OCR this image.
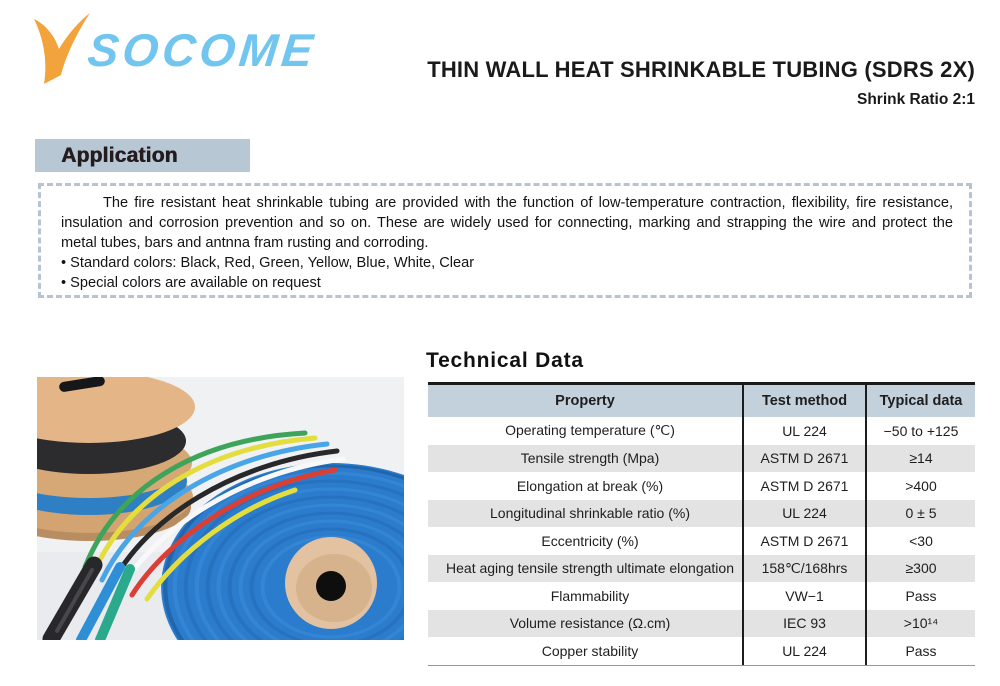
SOCOME	THIN WALL HEAT SHRINKABLE TUBING (SDRS 2X)
Shrink Ratio 2:1
Application
The fire resistant heat shrinkable tubing are provided with the function of low-temperature contraction, flexibility, fire resistance, insulation and corrosion prevention and so on. These are widely used for connecting, marking and strapping the wire and protect the metal tubes, bars and antnna fram rusting and corroding.
• Standard colors: Black, Red, Green, Yellow, Blue, White, Clear
• Special colors are available on request
Technical Data
Property	Test method	Typical data
Operating temperature (℃)	UL 224	−50 to +125
Tensile strength (Mpa)	ASTM D 2671	≥14
Elongation at break (%)	ASTM D 2671	>400
Longitudinal shrinkable ratio (%)	UL 224	0 ± 5
Eccentricity (%)	ASTM D 2671	<30
Heat aging tensile strength ultimate elongation	158℃/168hrs	≥300
Flammability	VW−1	Pass
Volume resistance (Ω.cm)	IEC 93	>10¹⁴
Copper stability	UL 224	Pass
